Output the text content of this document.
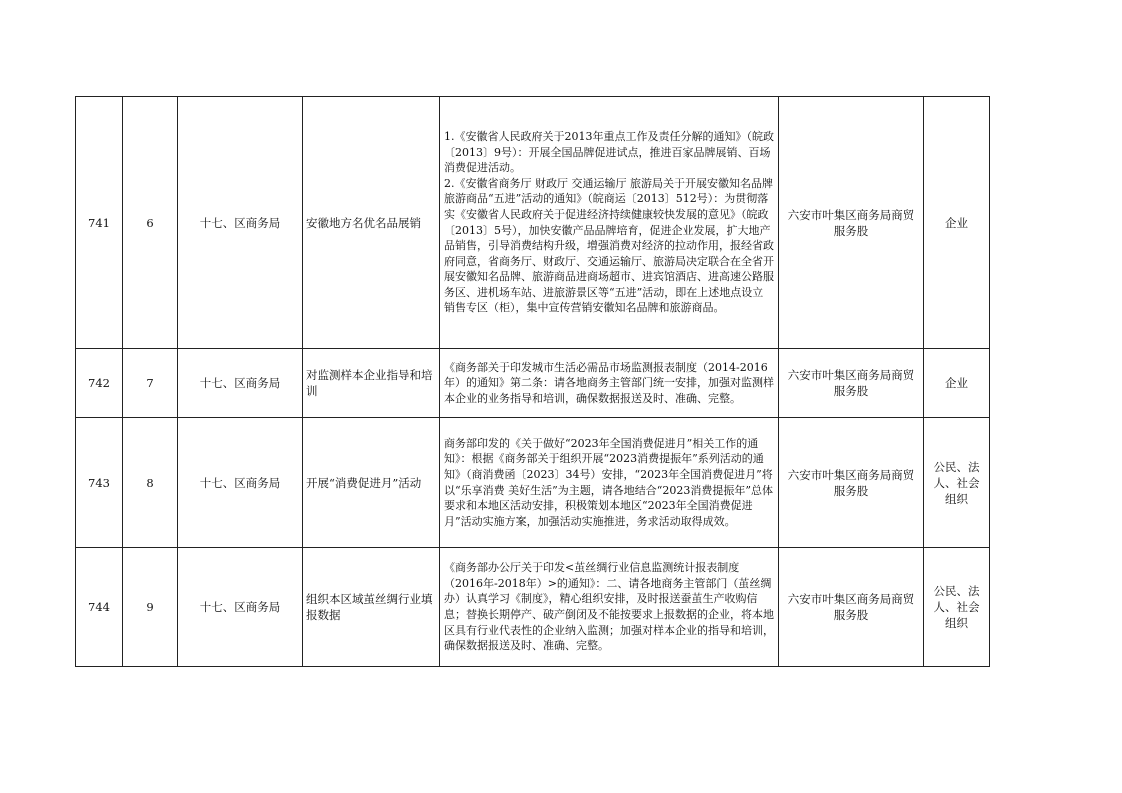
741	6	十七、区商务局	安徽地方名优名品展销	1.《安徽省人民政府关于2013年重点工作及责任分解的通知》（皖政〔2013〕9号）：开展全国品牌促进试点，推进百家品牌展销、百场消费促进活动。
2.《安徽省商务厅 财政厅 交通运输厅 旅游局关于开展安徽知名品牌旅游商品“五进”活动的通知》（皖商运〔2013〕512号）：为贯彻落实《安徽省人民政府关于促进经济持续健康较快发展的意见》（皖政〔2013〕5号），加快安徽产品品牌培育，促进企业发展，扩大地产品销售，引导消费结构升级，增强消费对经济的拉动作用，报经省政府同意，省商务厅、财政厅、交通运输厅、旅游局决定联合在全省开展安徽知名品牌、旅游商品进商场超市、进宾馆酒店、进高速公路服务区、进机场车站、进旅游景区等“五进”活动，即在上述地点设立销售专区（柜），集中宣传营销安徽知名品牌和旅游商品。	六安市叶集区商务局商贸服务股	企业
742	7	十七、区商务局	对监测样本企业指导和培训	《商务部关于印发城市生活必需品市场监测报表制度（2014-2016年）的通知》第二条：请各地商务主管部门统一安排，加强对监测样本企业的业务指导和培训，确保数据报送及时、准确、完整。	六安市叶集区商务局商贸服务股	企业
743	8	十七、区商务局	开展“消费促进月”活动	商务部印发的《关于做好“2023年全国消费促进月”相关工作的通知》：根据《商务部关于组织开展“2023消费提振年”系列活动的通知》（商消费函〔2023〕34号）安排，“2023年全国消费促进月”将以“乐享消费 美好生活”为主题，请各地结合“2023消费提振年”总体要求和本地区活动安排，积极策划本地区“2023年全国消费促进月”活动实施方案，加强活动实施推进，务求活动取得成效。	六安市叶集区商务局商贸服务股	公民、法人、社会组织
744	9	十七、区商务局	组织本区域茧丝绸行业填报数据	《商务部办公厅关于印发<茧丝绸行业信息监测统计报表制度（2016年-2018年）>的通知》：二、请各地商务主管部门（茧丝绸办）认真学习《制度》，精心组织安排，及时报送蚕茧生产收购信息；替换长期停产、破产倒闭及不能按要求上报数据的企业，将本地区具有行业代表性的企业纳入监测；加强对样本企业的指导和培训，确保数据报送及时、准确、完整。	六安市叶集区商务局商贸服务股	公民、法人、社会组织
